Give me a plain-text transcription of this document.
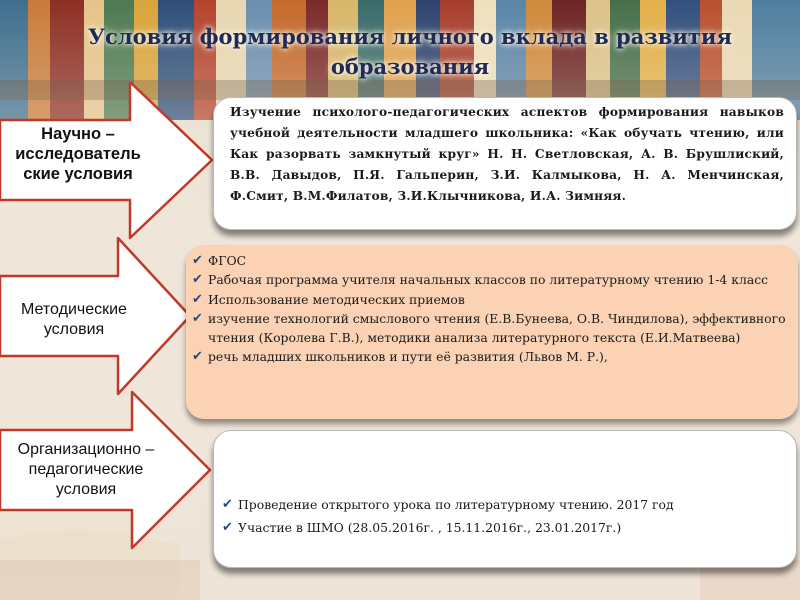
Условия формирования личного вклада в развития образования
Научно – исследователь ские условия
Методические условия
Организационно – педагогические условия

Изучение психолого-педагогических аспектов формирования навыков учебной деятельности младшего школьника: «Как обучать чтению, или Как разорвать замкнутый круг» Н. Н. Светловская, А. В. Брушлиский, В.В. Давыдов, П.Я. Гальперин, З.И. Калмыкова, Н. А. Менчинская, Ф.Смит, В.М.Филатов, З.И.Клычникова, И.А. Зимняя.

✔ ФГОС
✔ Рабочая программа учителя начальных классов по литературному чтению 1-4 класс
✔ Использование методических приемов
✔ изучение технологий смыслового чтения (Е.В.Бунеева, О.В. Чиндилова), эффективного чтения (Королева Г.В.), методики анализа литературного текста (Е.И.Матвеева)
✔ речь младших школьников и пути её развития (Львов М. Р.),
✔ Проведение открытого урока по литературному чтению. 2017 год
✔ Участие в ШМО (28.05.2016г. , 15.11.2016г., 23.01.2017г.)
